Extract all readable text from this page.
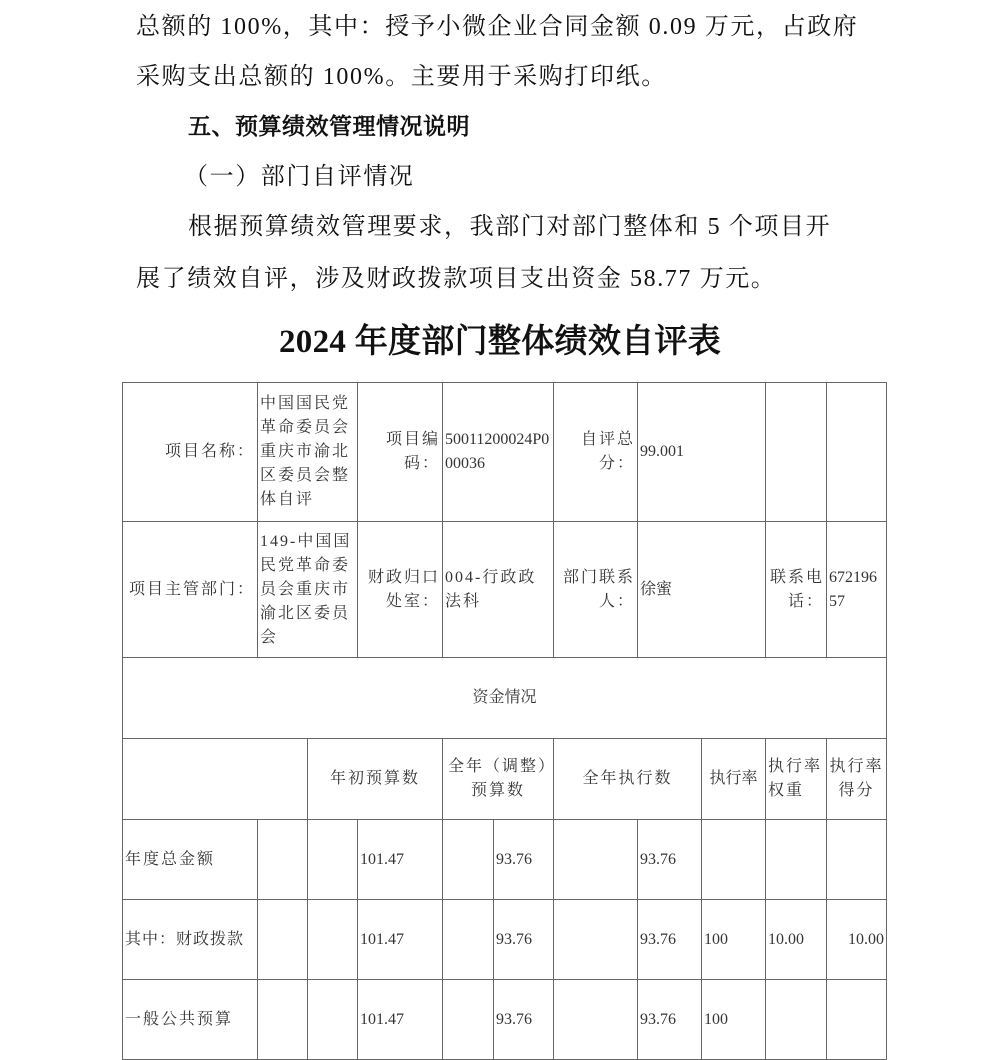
总额的 100%，其中：授予小微企业合同金额 0.09 万元，占政府
采购支出总额的 100%。主要用于采购打印纸。
五、预算绩效管理情况说明
（一）部门自评情况
根据预算绩效管理要求，我部门对部门整体和 5 个项目开
展了绩效自评，涉及财政拨款项目支出资金 58.77 万元。
2024 年度部门整体绩效自评表
项目名称：	中国国民党革命委员会重庆市渝北区委员会整体自评		项目编码：	50011200024P000036		自评总分：	99.001			
项目主管部门：	149-中国国民党革命委员会重庆市渝北区委员会		财政归口处室：	004-行政政法科		部门联系人：	徐蜜		联系电话：	67219657
资金情况										
		年初预算数		全年（调整）预算数		全年执行数		执行率	执行率权重	执行率得分
年度总金额			101.47		93.76		93.76			
其中：财政拨款			101.47		93.76		93.76	100	10.00	10.00
一般公共预算			101.47		93.76		93.76	100		
